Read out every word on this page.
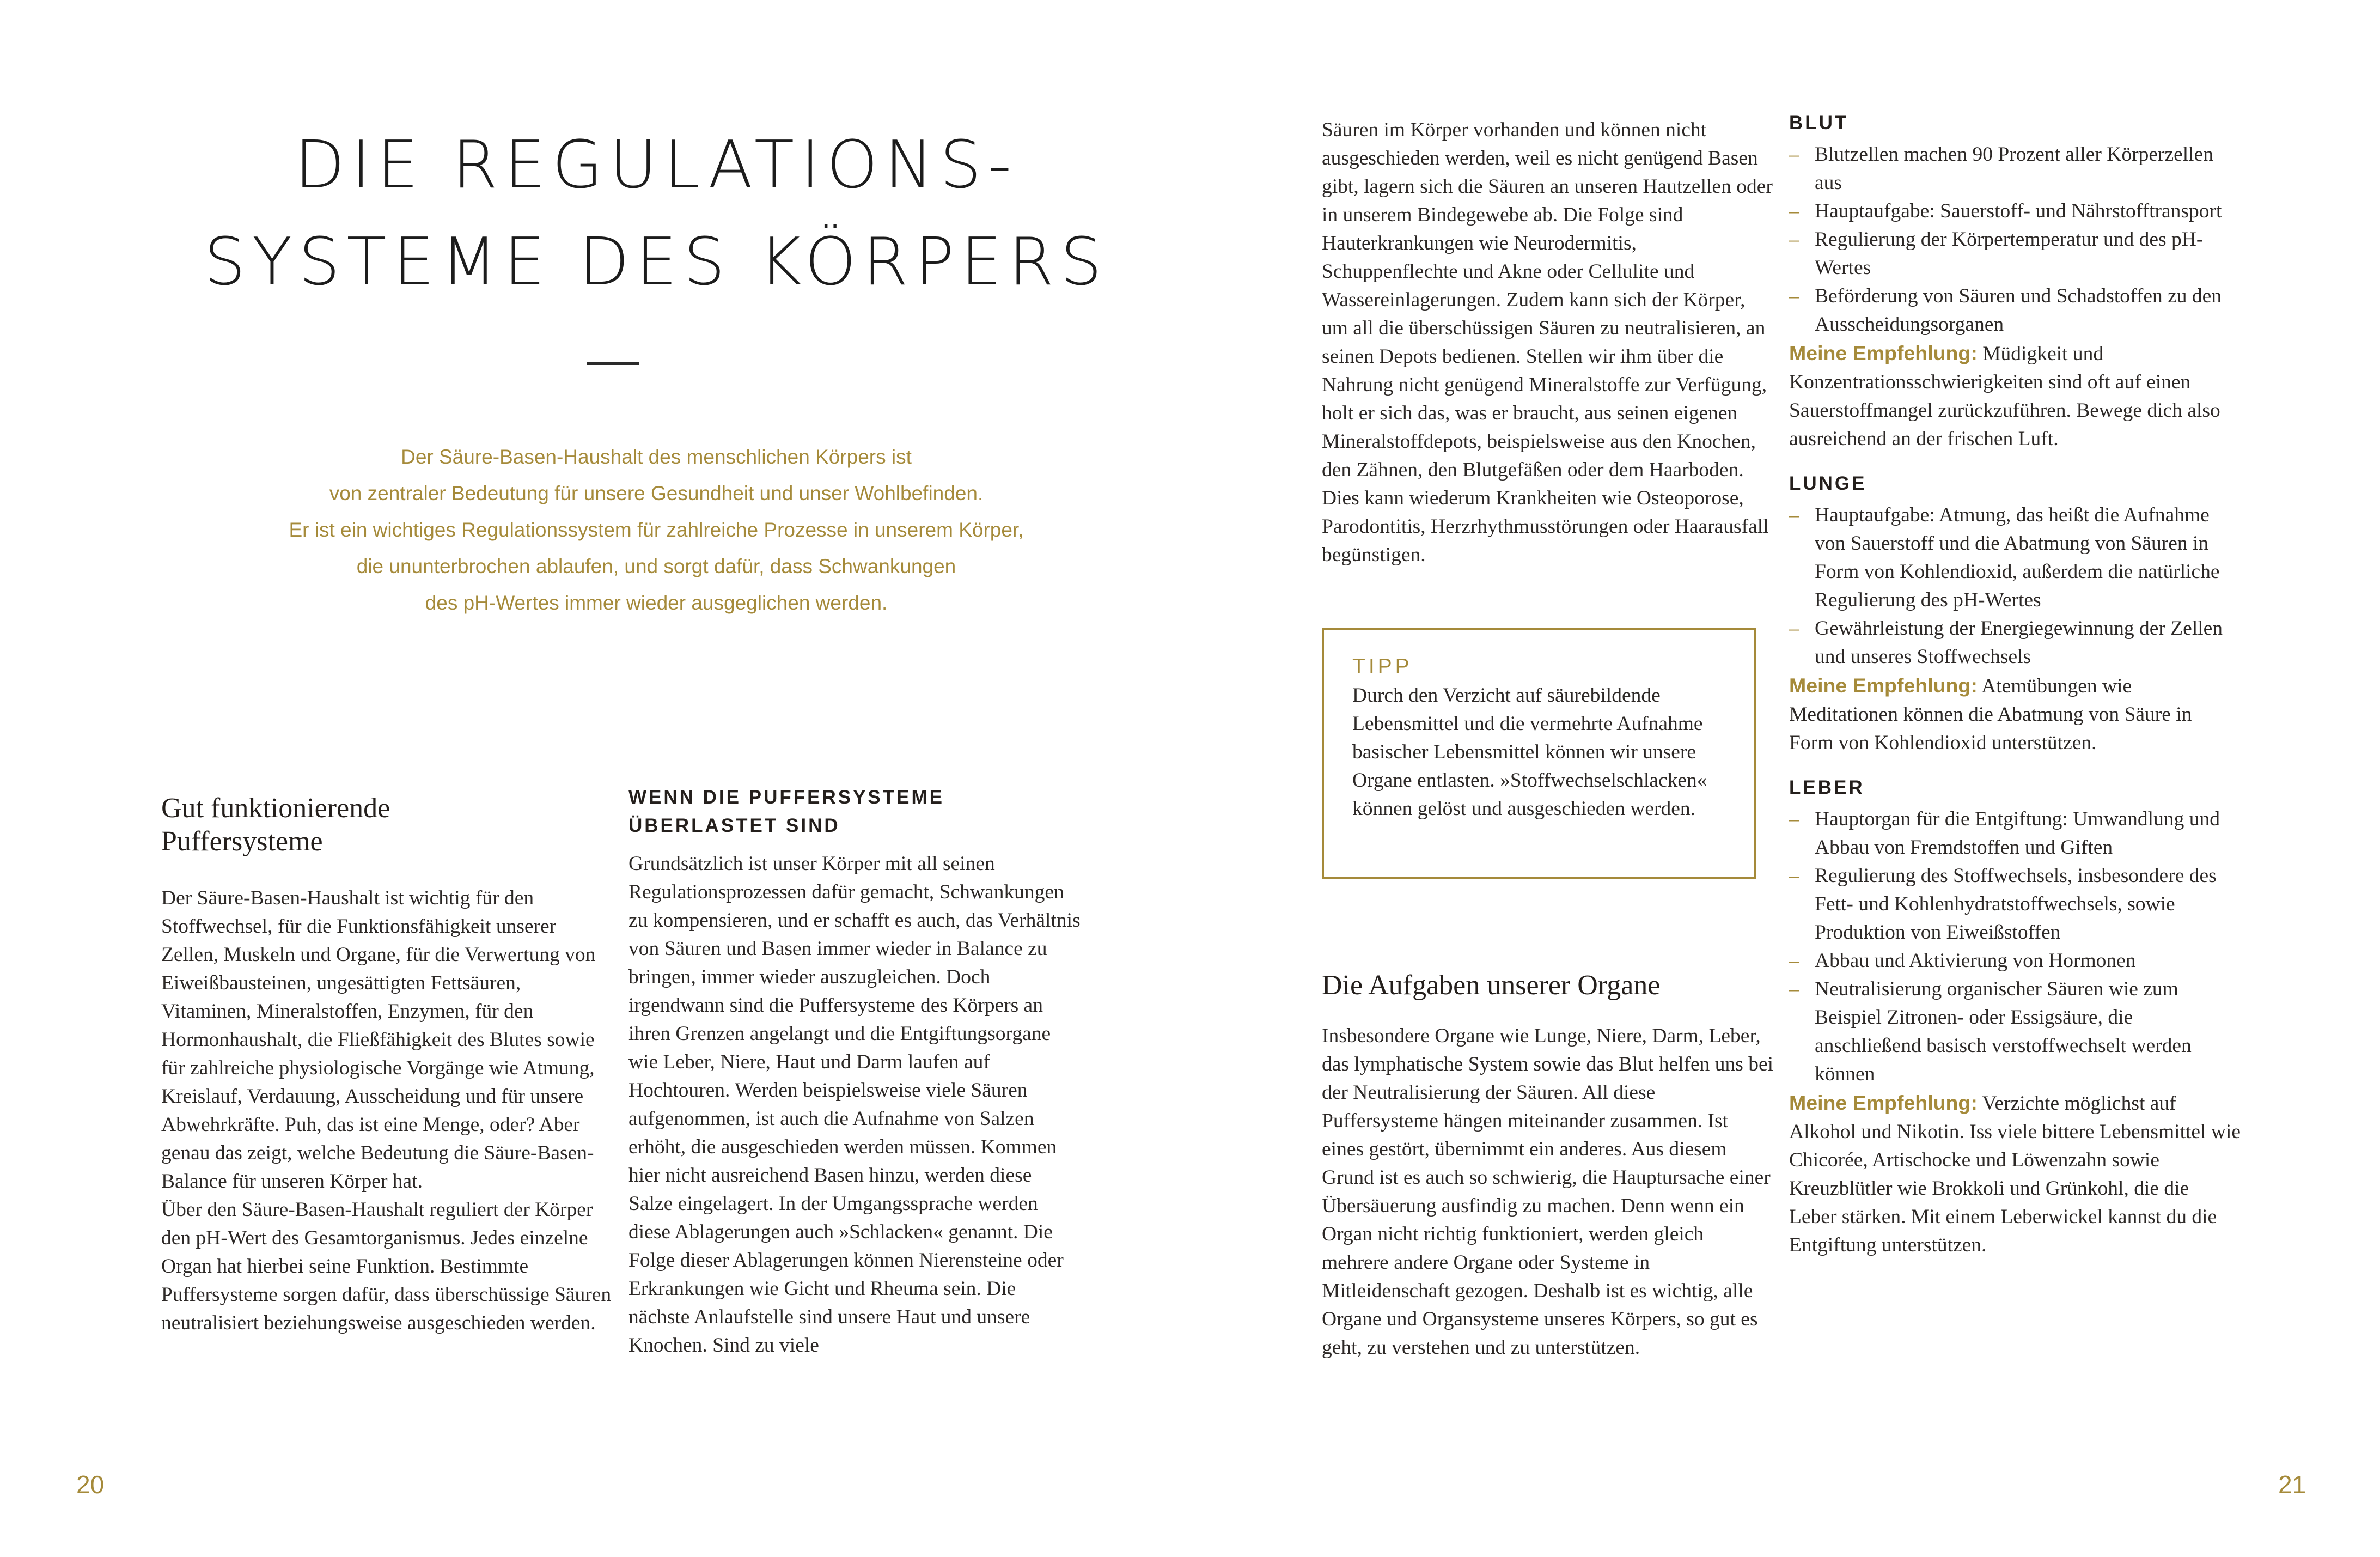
DIE REGULATIONS-
SYSTEME DES KÖRPERS
Der Säure-Basen-Haushalt des menschlichen Körpers ist
von zentraler Bedeutung für unsere Gesundheit und unser Wohlbefinden.
Er ist ein wichtiges Regulationssystem für zahlreiche Prozesse in unserem Körper,
die ununterbrochen ablaufen, und sorgt dafür, dass Schwankungen
des pH-Wertes immer wieder ausgeglichen werden.
Gut funktionierende
Puffersysteme

Der Säure-Basen-Haushalt ist wichtig für den Stoffwechsel, für die Funktionsfähigkeit unserer Zellen, Muskeln und Organe, für die Verwertung von Eiweißbausteinen, ungesättigten Fettsäuren, Vitaminen, Mineralstoffen, Enzymen, für den Hormonhaushalt, die Fließfähigkeit des Blutes sowie für zahlreiche physiologische Vorgänge wie Atmung, Kreislauf, Verdauung, Ausscheidung und für unsere Abwehrkräfte. Puh, das ist eine Menge, oder? Aber genau das zeigt, welche Bedeutung die Säure-Basen-Balance für unseren Körper hat.

Über den Säure-Basen-Haushalt reguliert der Körper den pH-Wert des Gesamtorganismus. Jedes einzelne Organ hat hierbei seine Funktion. Bestimmte Puffersysteme sorgen dafür, dass überschüssige Säuren neutralisiert beziehungsweise ausgeschieden werden.

WENN DIE PUFFERSYSTEME
ÜBERLASTET SIND

Grundsätzlich ist unser Körper mit all seinen Regulationsprozessen dafür gemacht, Schwankungen zu kompensieren, und er schafft es auch, das Verhältnis von Säuren und Basen immer wieder in Balance zu bringen, immer wieder auszugleichen. Doch irgendwann sind die Puffersysteme des Körpers an ihren Grenzen angelangt und die Entgiftungsorgane wie Leber, Niere, Haut und Darm laufen auf Hochtouren. Werden beispielsweise viele Säuren aufgenommen, ist auch die Aufnahme von Salzen erhöht, die ausgeschieden werden müssen. Kommen hier nicht ausreichend Basen hinzu, werden diese Salze eingelagert. In der Umgangssprache werden diese Ablagerungen auch »Schlacken« genannt. Die Folge dieser Ablagerungen können Nierensteine oder Erkrankungen wie Gicht und Rheuma sein. Die nächste Anlaufstelle sind unsere Haut und unsere Knochen. Sind zu viele

20

Säuren im Körper vorhanden und können nicht ausgeschieden werden, weil es nicht genügend Basen gibt, lagern sich die Säuren an unseren Hautzellen oder in unserem Bindegewebe ab. Die Folge sind Hauterkrankungen wie Neurodermitis, Schuppenflechte und Akne oder Cellulite und Wassereinlagerungen. Zudem kann sich der Körper, um all die überschüssigen Säuren zu neutralisieren, an seinen Depots bedienen. Stellen wir ihm über die Nahrung nicht genügend Mineralstoffe zur Verfügung, holt er sich das, was er braucht, aus seinen eigenen Mineralstoffdepots, beispielsweise aus den Knochen, den Zähnen, den Blutgefäßen oder dem Haarboden. Dies kann wiederum Krankheiten wie Osteoporose, Parodontitis, Herzrhythmusstörungen oder Haarausfall begünstigen.

TIPP

Durch den Verzicht auf säurebildende Lebensmittel und die vermehrte Aufnahme basischer Lebensmittel können wir unsere Organe entlasten. »Stoffwechselschlacken« können gelöst und ausgeschieden werden.

Die Aufgaben unserer Organe

Insbesondere Organe wie Lunge, Niere, Darm, Leber, das lymphatische System sowie das Blut helfen uns bei der Neutralisierung der Säuren. All diese Puffersysteme hängen miteinander zusammen. Ist eines gestört, übernimmt ein anderes. Aus diesem Grund ist es auch so schwierig, die Hauptursache einer Übersäuerung ausfindig zu machen. Denn wenn ein Organ nicht richtig funktioniert, werden gleich mehrere andere Organe oder Systeme in Mitleidenschaft gezogen. Deshalb ist es wichtig, alle Organe und Organsysteme unseres Körpers, so gut es geht, zu verstehen und zu unterstützen.

BLUT
– Blutzellen machen 90 Prozent aller Körperzellen aus
– Hauptaufgabe: Sauerstoff- und Nährstofftransport
– Regulierung der Körpertemperatur und des pH-Wertes
– Beförderung von Säuren und Schadstoffen zu den Ausscheidungsorganen

Meine Empfehlung: Müdigkeit und Konzentrationsschwierigkeiten sind oft auf einen Sauerstoffmangel zurückzuführen. Bewege dich also ausreichend an der frischen Luft.

LUNGE
– Hauptaufgabe: Atmung, das heißt die Aufnahme von Sauerstoff und die Abatmung von Säuren in Form von Kohlendioxid, außerdem die natürliche Regulierung des pH-Wertes
– Gewährleistung der Energiegewinnung der Zellen und unseres Stoffwechsels

Meine Empfehlung: Atemübungen wie Meditationen können die Abatmung von Säure in Form von Kohlendioxid unterstützen.

LEBER
– Hauptorgan für die Entgiftung: Umwandlung und Abbau von Fremdstoffen und Giften
– Regulierung des Stoffwechsels, insbesondere des Fett- und Kohlenhydratstoffwechsels, sowie Produktion von Eiweißstoffen
– Abbau und Aktivierung von Hormonen
– Neutralisierung organischer Säuren wie zum Beispiel Zitronen- oder Essigsäure, die anschließend basisch verstoffwechselt werden können

Meine Empfehlung: Verzichte möglichst auf Alkohol und Nikotin. Iss viele bittere Lebensmittel wie Chicorée, Artischocke und Löwenzahn sowie Kreuzblütler wie Brokkoli und Grünkohl, die die Leber stärken. Mit einem Leberwickel kannst du die Entgiftung unterstützen.

21
